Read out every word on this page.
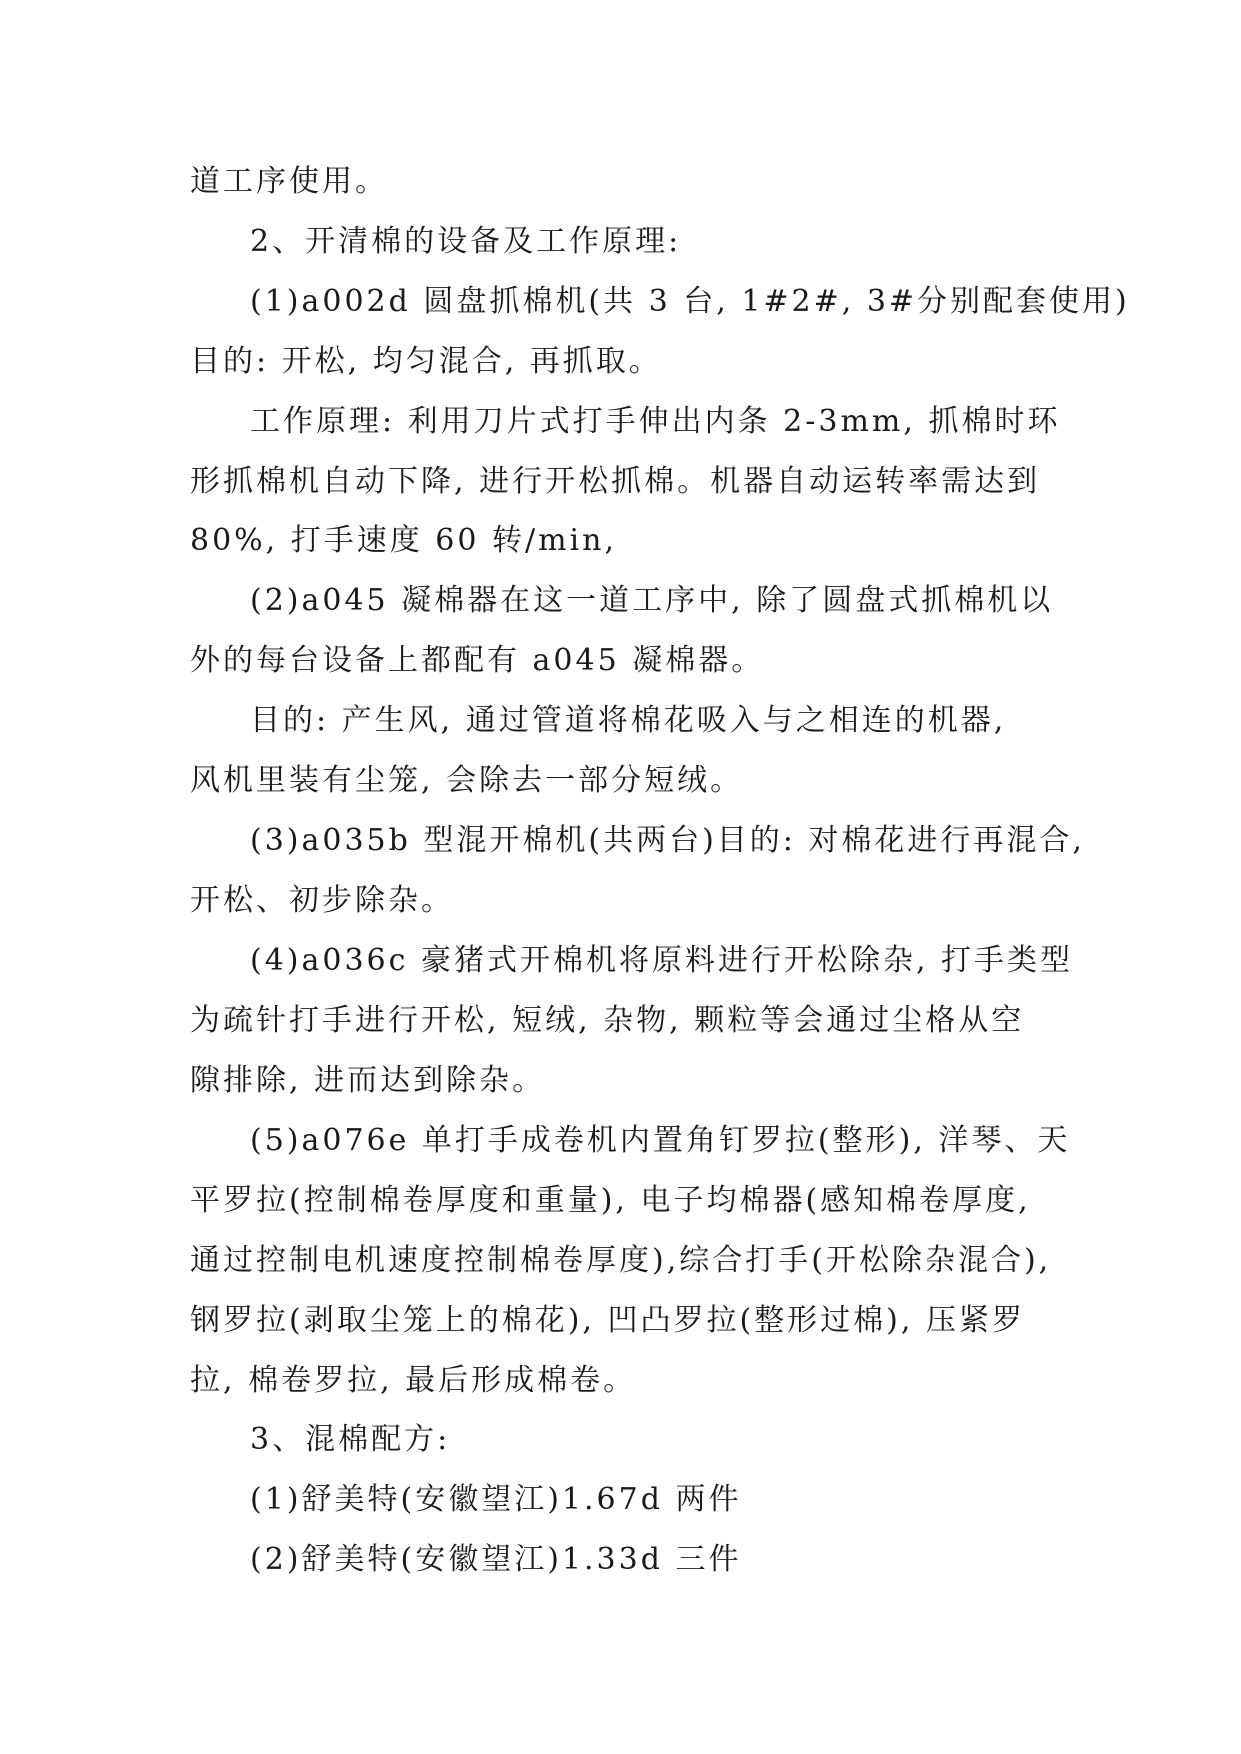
道工序使用。
2、开清棉的设备及工作原理:
(1)a002d 圆盘抓棉机(共 3 台, 1#2#, 3#分别配套使用)
目的: 开松, 均匀混合, 再抓取。
工作原理: 利用刀片式打手伸出内条 2-3mm, 抓棉时环
形抓棉机自动下降, 进行开松抓棉。机器自动运转率需达到
80%, 打手速度 60 转/min,
(2)a045 凝棉器在这一道工序中, 除了圆盘式抓棉机以
外的每台设备上都配有 a045 凝棉器。
目的: 产生风, 通过管道将棉花吸入与之相连的机器,
风机里装有尘笼, 会除去一部分短绒。
(3)a035b 型混开棉机(共两台)目的: 对棉花进行再混合,
开松、初步除杂。
(4)a036c 豪猪式开棉机将原料进行开松除杂, 打手类型
为疏针打手进行开松, 短绒, 杂物, 颗粒等会通过尘格从空
隙排除, 进而达到除杂。
(5)a076e 单打手成卷机内置角钉罗拉(整形), 洋琴、天
平罗拉(控制棉卷厚度和重量), 电子均棉器(感知棉卷厚度,
通过控制电机速度控制棉卷厚度),综合打手(开松除杂混合),
钢罗拉(剥取尘笼上的棉花), 凹凸罗拉(整形过棉), 压紧罗
拉, 棉卷罗拉, 最后形成棉卷。
3、混棉配方:
(1)舒美特(安徽望江)1.67d 两件
(2)舒美特(安徽望江)1.33d 三件
